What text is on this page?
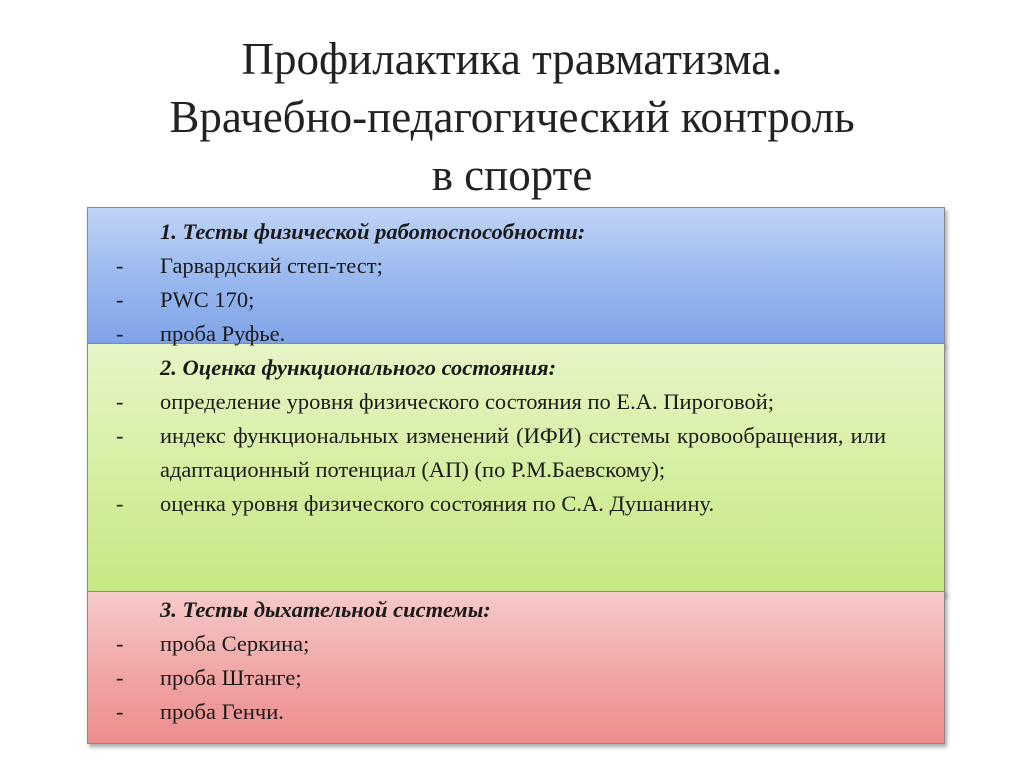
Профилактика травматизма.
Врачебно-педагогический контроль
в спорте
1. Тесты физической работоспособности:
- Гарвардский степ-тест;
- PWC 170;
- проба Руфье.
2. Оценка функционального состояния:
- определение уровня физического состояния по Е.А. Пироговой;
- индекс функциональных изменений (ИФИ) системы кровообращения, или адаптационный потенциал (АП) (по Р.М.Баевскому);
- оценка уровня физического состояния по С.А. Душанину.
3. Тесты дыхательной системы:
- проба Серкина;
- проба Штанге;
- проба Генчи.
